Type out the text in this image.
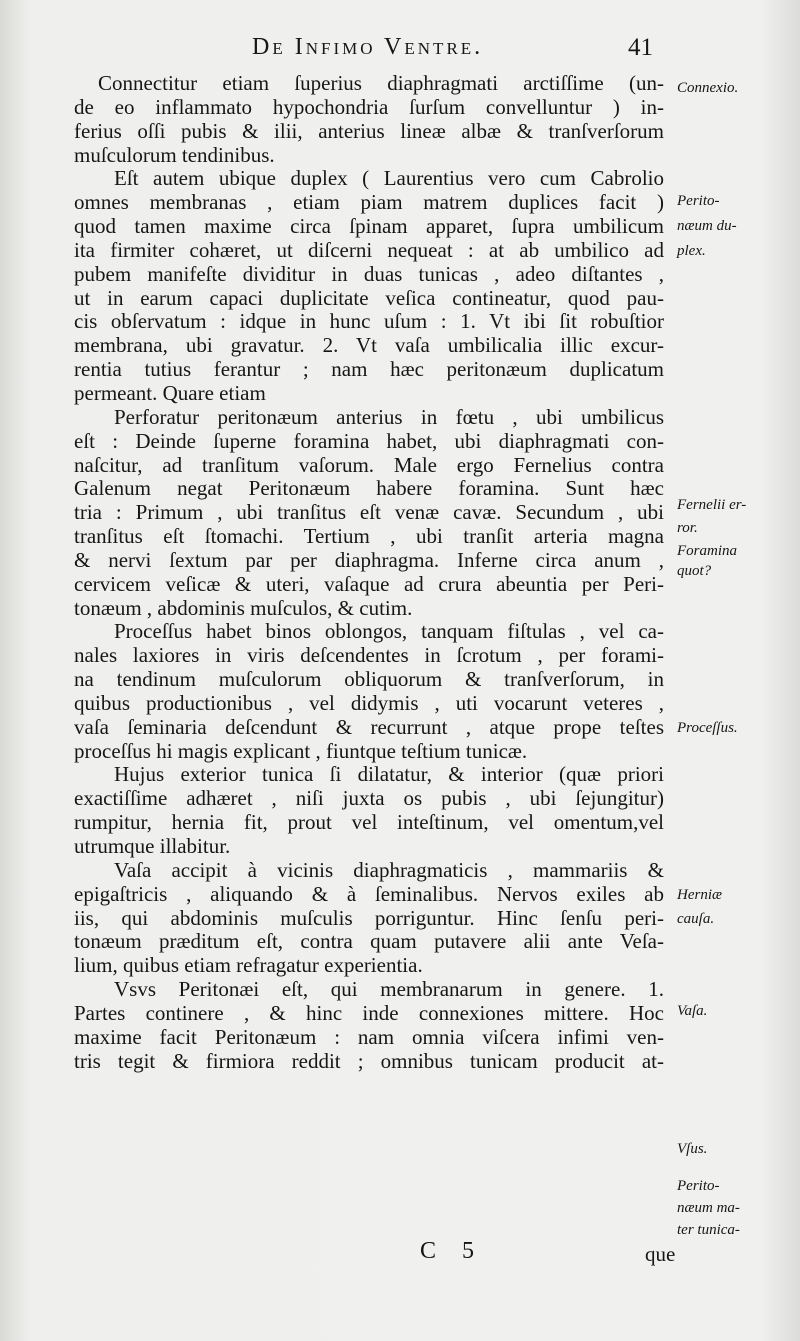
De Infimo Ventre.	41
Connectitur etiam ſuperius diaphragmati arctiſſime (un-
de eo inflammato hypochondria ſurſum convelluntur ) in-
ferius oſſi pubis & ilii, anterius lineæ albæ & tranſverſorum
muſculorum tendinibus.
Eſt autem ubique duplex ( Laurentius vero cum Cabrolio
omnes membranas , etiam piam matrem duplices facit )
quod tamen maxime circa ſpinam apparet, ſupra umbilicum
ita firmiter cohæret, ut diſcerni nequeat : at ab umbilico ad
pubem manifeſte dividitur in duas tunicas , adeo diſtantes ,
ut in earum capaci duplicitate veſica contineatur, quod pau-
cis obſervatum : idque in hunc uſum : 1. Vt ibi ſit robuſtior
membrana, ubi gravatur. 2. Vt vaſa umbilicalia illic excur-
rentia tutius ferantur ; nam hæc peritonæum duplicatum
permeant. Quare etiam
Perforatur peritonæum anterius in fœtu , ubi umbilicus
eſt : Deinde ſuperne foramina habet, ubi diaphragmati con-
naſcitur, ad tranſitum vaſorum. Male ergo Fernelius contra
Galenum negat Peritonæum habere foramina. Sunt hæc
tria : Primum , ubi tranſitus eſt venæ cavæ. Secundum , ubi
tranſitus eſt ſtomachi. Tertium , ubi tranſit arteria magna
& nervi ſextum par per diaphragma. Inferne circa anum ,
cervicem veſicæ & uteri, vaſaque ad crura abeuntia per Peri-
tonæum , abdominis muſculos, & cutim.
Proceſſus habet binos oblongos, tanquam fiſtulas , vel ca-
nales laxiores in viris deſcendentes in ſcrotum , per forami-
na tendinum muſculorum obliquorum & tranſverſorum, in
quibus productionibus , vel didymis , uti vocarunt veteres ,
vaſa ſeminaria deſcendunt & recurrunt , atque prope teſtes
proceſſus hi magis explicant , fiuntque teſtium tunicæ.
Hujus exterior tunica ſi dilatatur, & interior (quæ priori
exactiſſime adhæret , niſi juxta os pubis , ubi ſejungitur)
rumpitur, hernia fit, prout vel inteſtinum, vel omentum,vel
utrumque illabitur.
Vaſa accipit à vicinis diaphragmaticis , mammariis &
epigaſtricis , aliquando & à ſeminalibus. Nervos exiles ab
iis, qui abdominis muſculis porriguntur. Hinc ſenſu peri-
tonæum præditum eſt, contra quam putavere alii ante Veſa-
lium, quibus etiam refragatur experientia.
Vsvs Peritonæi eſt, qui membranarum in genere. 1.
Partes continere , & hinc inde connexiones mittere. Hoc
maxime facit Peritonæum : nam omnia viſcera infimi ven-
tris tegit & firmiora reddit ; omnibus tunicam producit at-
Connexio.
Perito-
næum du-
plex.
Fernelii er-
ror.
Foramina
quot?
Proceſſus.
Herniæ
cauſa.
Vaſa.
Vſus.
Perito-
næum ma-
ter tunica-
C 5	que
